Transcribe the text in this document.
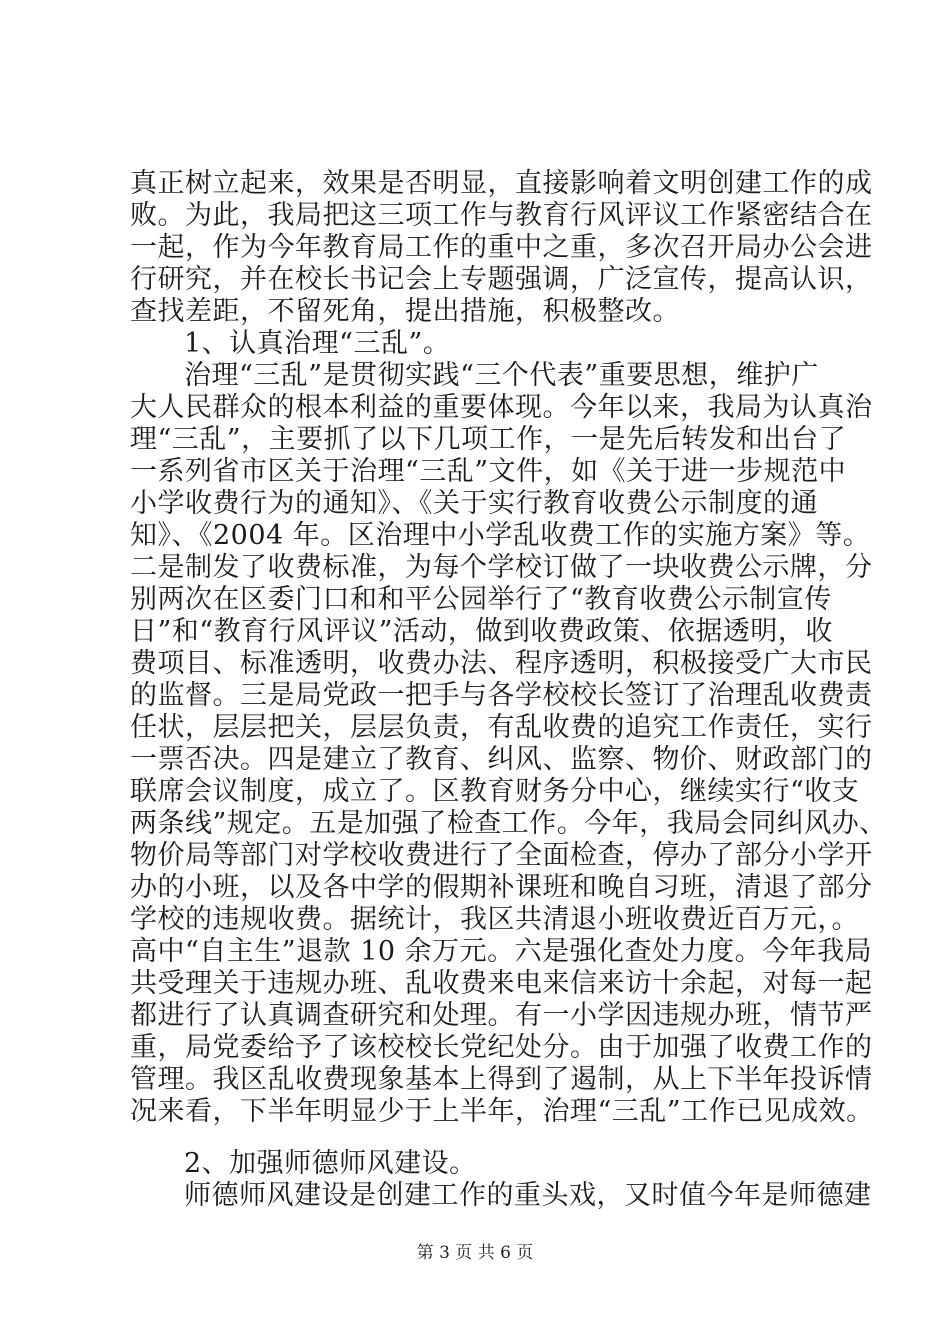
真正树立起来，效果是否明显，直接影响着文明创建工作的成
败。为此，我局把这三项工作与教育行风评议工作紧密结合在
一起，作为今年教育局工作的重中之重，多次召开局办公会进
行研究，并在校长书记会上专题强调，广泛宣传，提高认识，
查找差距，不留死角，提出措施，积极整改。
1、认真治理“三乱”。
治理“三乱”是贯彻实践“三个代表”重要思想，维护广
大人民群众的根本利益的重要体现。今年以来，我局为认真治
理“三乱”，主要抓了以下几项工作，一是先后转发和出台了
一系列省市区关于治理“三乱”文件，如《关于进一步规范中
小学收费行为的通知》、《关于实行教育收费公示制度的通
知》、《2004 年。区治理中小学乱收费工作的实施方案》等。
二是制发了收费标准，为每个学校订做了一块收费公示牌，分
别两次在区委门口和和平公园举行了“教育收费公示制宣传
日”和“教育行风评议”活动，做到收费政策、依据透明，收
费项目、标准透明，收费办法、程序透明，积极接受广大市民
的监督。三是局党政一把手与各学校校长签订了治理乱收费责
任状，层层把关，层层负责，有乱收费的追究工作责任，实行
一票否决。四是建立了教育、纠风、监察、物价、财政部门的
联席会议制度，成立了。区教育财务分中心，继续实行“收支
两条线”规定。五是加强了检查工作。今年，我局会同纠风办、
物价局等部门对学校收费进行了全面检查，停办了部分小学开
办的小班，以及各中学的假期补课班和晚自习班，清退了部分
学校的违规收费。据统计，我区共清退小班收费近百万元，。
高中“自主生”退款 10 余万元。六是强化查处力度。今年我局
共受理关于违规办班、乱收费来电来信来访十余起，对每一起
都进行了认真调查研究和处理。有一小学因违规办班，情节严
重，局党委给予了该校校长党纪处分。由于加强了收费工作的
管理。我区乱收费现象基本上得到了遏制，从上下半年投诉情
况来看，下半年明显少于上半年，治理“三乱”工作已见成效。
2、加强师德师风建设。
师德师风建设是创建工作的重头戏，又时值今年是师德建
第 3 页 共 6 页
